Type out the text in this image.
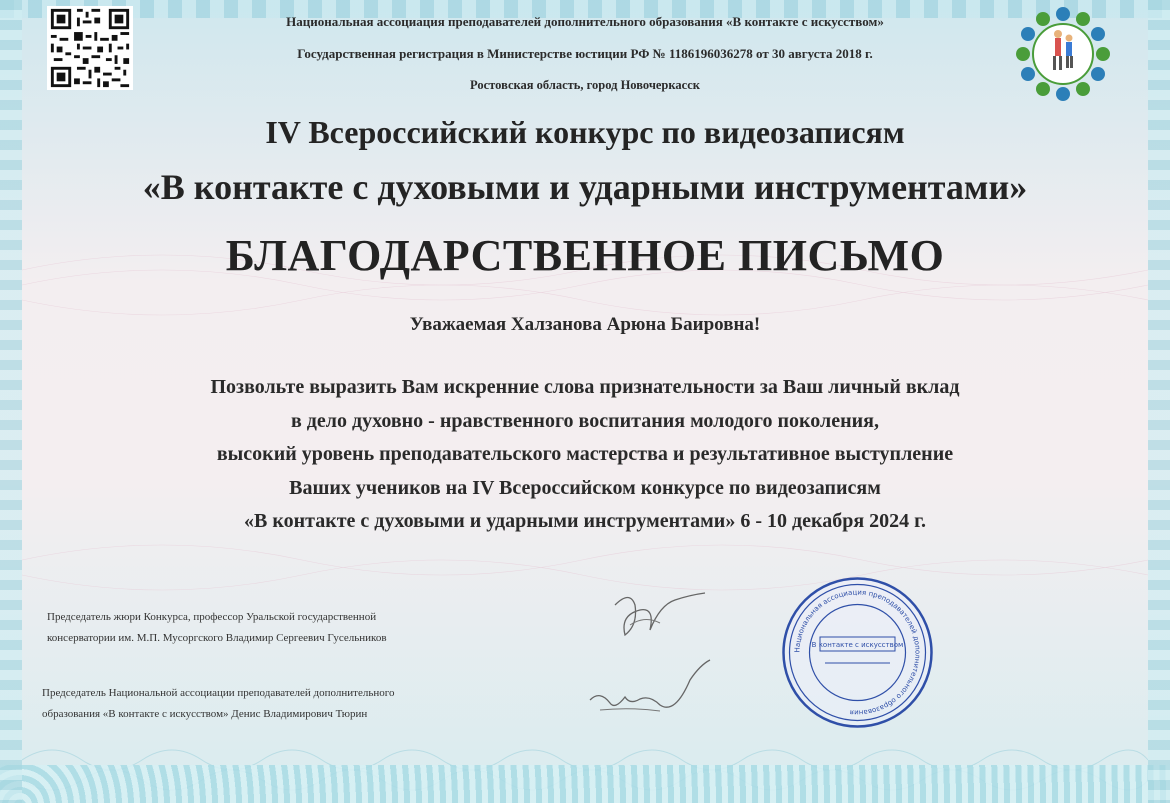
Национальная ассоциация преподавателей дополнительного образования «В контакте с искусством»
Государственная регистрация в Министерстве юстиции РФ № 1186196036278 от 30 августа 2018 г.
Ростовская область, город Новочеркасск
IV Всероссийский конкурс по видеозаписям
«В контакте с духовыми и ударными инструментами»
БЛАГОДАРСТВЕННОЕ ПИСЬМО
Уважаемая Халзанова Арюна Баировна!
Позвольте выразить Вам искренние слова признательности за Ваш личный вклад
в дело духовно - нравственного воспитания молодого поколения,
высокий уровень преподавательского мастерства и результативное выступление
Ваших учеников на IV Всероссийском конкурсе по видеозаписям
«В контакте с духовыми и ударными инструментами» 6 - 10 декабря 2024 г.
Председатель жюри Конкурса, профессор Уральской государственной
консерватории им. М.П. Мусоргского Владимир Сергеевич Гусельников
Председатель Национальной ассоциации преподавателей дополнительного
образования «В контакте с искусством» Денис Владимирович Тюрин
Национальная ассоциация преподавателей дополнительного образования
В контакте с искусством
